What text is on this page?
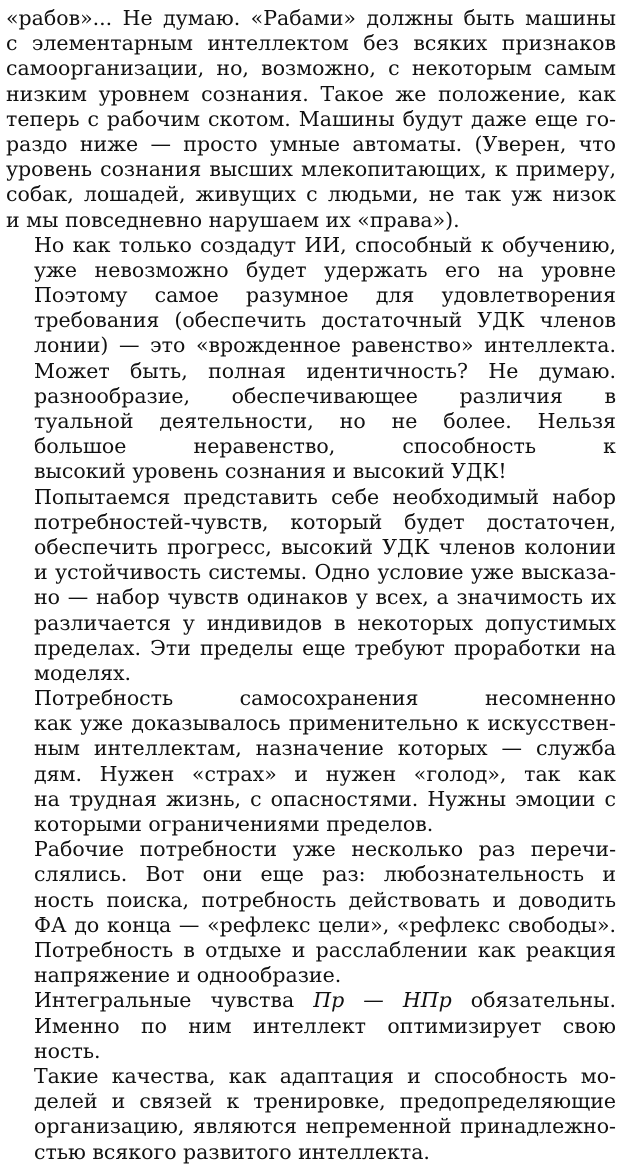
«рабов»... Не думаю. «Рабами» должны быть машины
с элементарным интеллектом без всяких признаков
самоорганизации, но, возможно, с некоторым самым
низким уровнем сознания. Такое же положение, как
теперь с рабочим скотом. Машины будут даже еще го-
раздо ниже — просто умные автоматы. (Уверен, что
уровень сознания высших млекопитающих, к примеру,
собак, лошадей, живущих с людьми, не так уж низок
и мы повседневно нарушаем их «права»).
Но как только создадут ИИ, способный к обучению,
уже невозможно будет удержать его на уровне
Поэтому самое разумное для удовлетворения
требования (обеспечить достаточный УДК членов
лонии) — это «врожденное равенство» интеллекта.
Может быть, полная идентичность? Не думаю.
разнообразие, обеспечивающее различия в
туальной деятельности, но не более. Нельзя
большое неравенство, способность к
высокий уровень сознания и высокий УДК!
Попытаемся представить себе необходимый набор
потребностей-чувств, который будет достаточен,
обеспечить прогресс, высокий УДК членов колонии
и устойчивость системы. Одно условие уже высказа-
но — набор чувств одинаков у всех, а значимость их
различается у индивидов в некоторых допустимых
пределах. Эти пределы еще требуют проработки на
моделях.
Потребность самосохранения несомненно
как уже доказывалось применительно к искусствен-
ным интеллектам, назначение которых — служба
дям. Нужен «страх» и нужен «голод», так как
на трудная жизнь, с опасностями. Нужны эмоции с
которыми ограничениями пределов.
Рабочие потребности уже несколько раз перечи-
слялись. Вот они еще раз: любознательность и
ность поиска, потребность действовать и доводить
ФА до конца — «рефлекс цели», «рефлекс свободы».
Потребность в отдыхе и расслаблении как реакция
напряжение и однообразие.
Интегральные чувства Пр — НПр обязательны.
Именно по ним интеллект оптимизирует свою
ность.
Такие качества, как адаптация и способность мо-
делей и связей к тренировке, предопределяющие
организацию, являются непременной принадлежно-
стью всякого развитого интеллекта.
